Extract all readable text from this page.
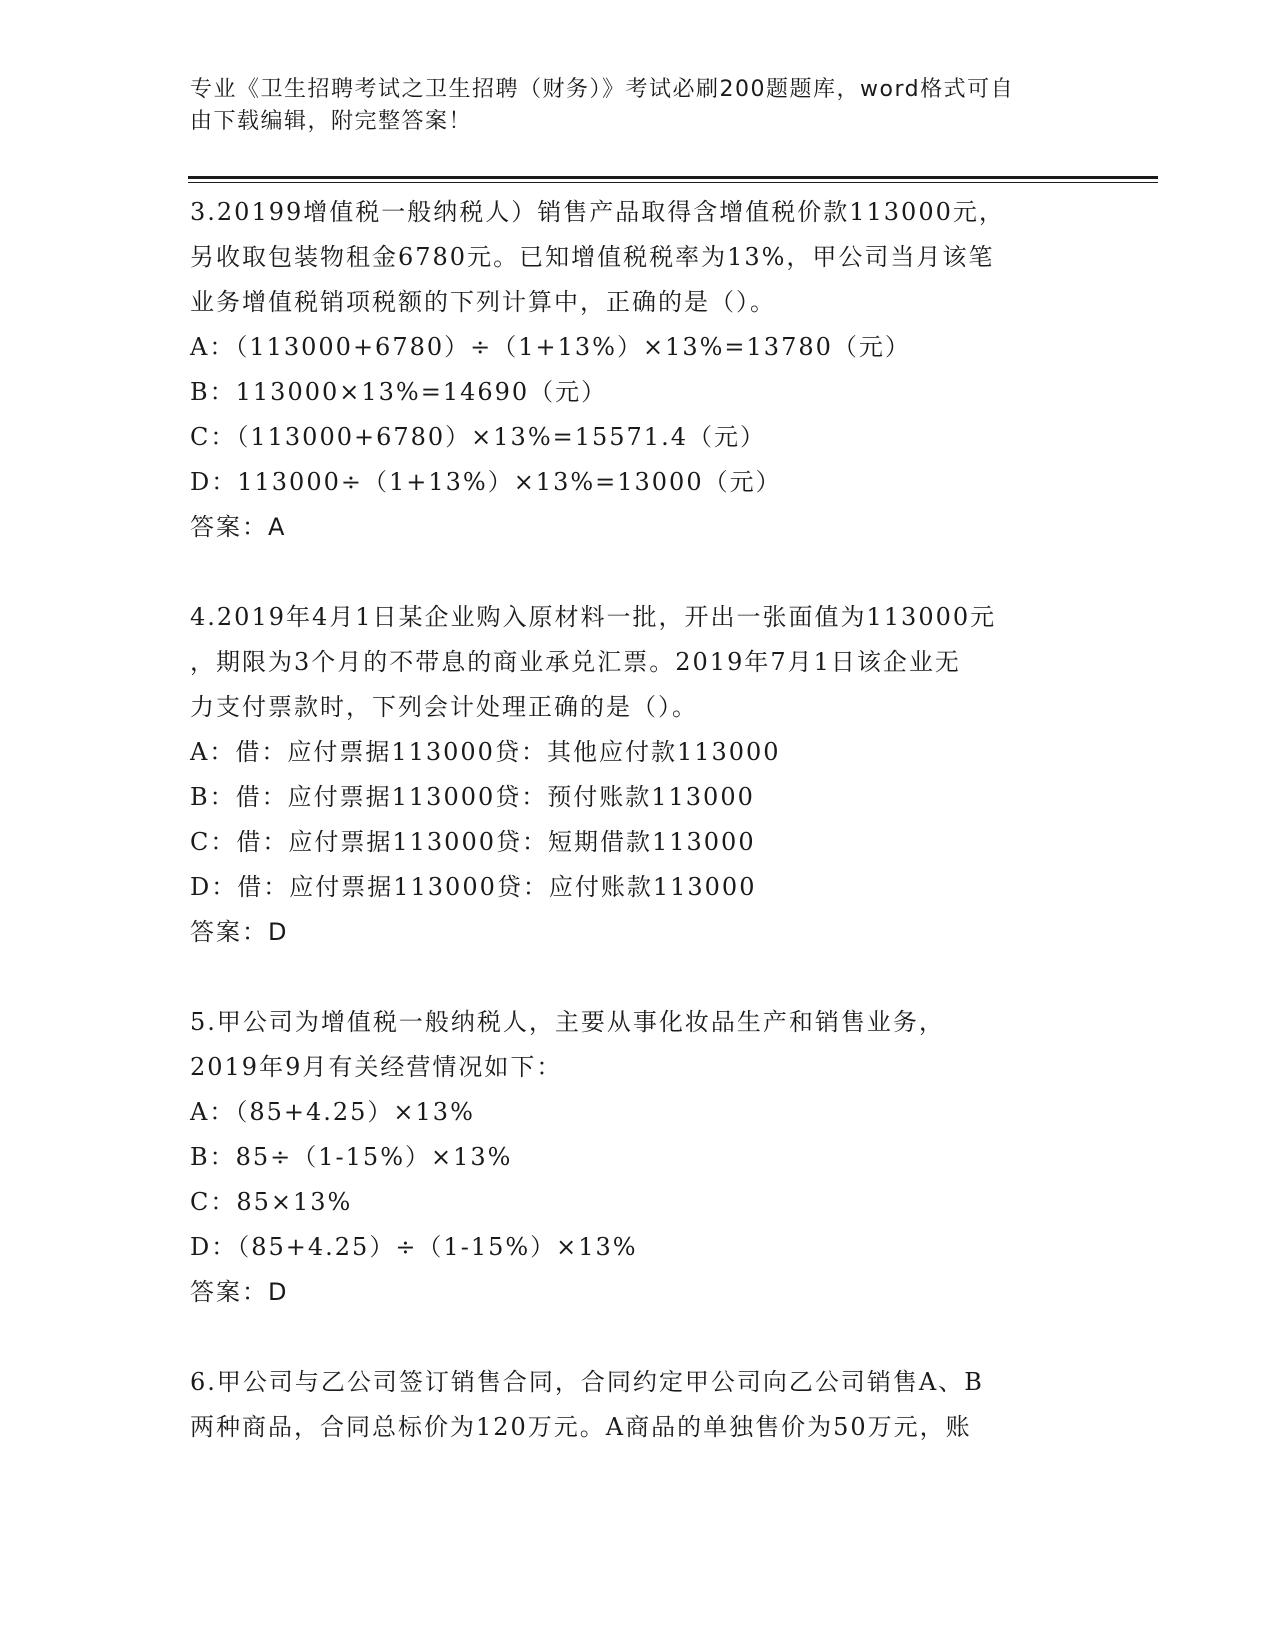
专业《卫生招聘考试之卫生招聘（财务）》考试必刷200题题库，word格式可自
由下载编辑，附完整答案！
3.20199增值税一般纳税人）销售产品取得含增值税价款113000元，
另收取包装物租金6780元。已知增值税税率为13%，甲公司当月该笔
业务增值税销项税额的下列计算中，正确的是（）。
A：（113000+6780）÷（1+13%）×13%=13780（元）
B：113000×13%=14690（元）
C：（113000+6780）×13%=15571.4（元）
D：113000÷（1+13%）×13%=13000（元）
答案：A
4.2019年4月1日某企业购入原材料一批，开出一张面值为113000元
，期限为3个月的不带息的商业承兑汇票。2019年7月1日该企业无
力支付票款时，下列会计处理正确的是（）。
A：借：应付票据113000贷：其他应付款113000
B：借：应付票据113000贷：预付账款113000
C：借：应付票据113000贷：短期借款113000
D：借：应付票据113000贷：应付账款113000
答案：D
5.甲公司为增值税一般纳税人，主要从事化妆品生产和销售业务，
2019年9月有关经营情况如下：
A：（85+4.25）×13%
B：85÷（1-15%）×13%
C：85×13%
D：（85+4.25）÷（1-15%）×13%
答案：D
6.甲公司与乙公司签订销售合同，合同约定甲公司向乙公司销售A、B
两种商品，合同总标价为120万元。A商品的单独售价为50万元，账
